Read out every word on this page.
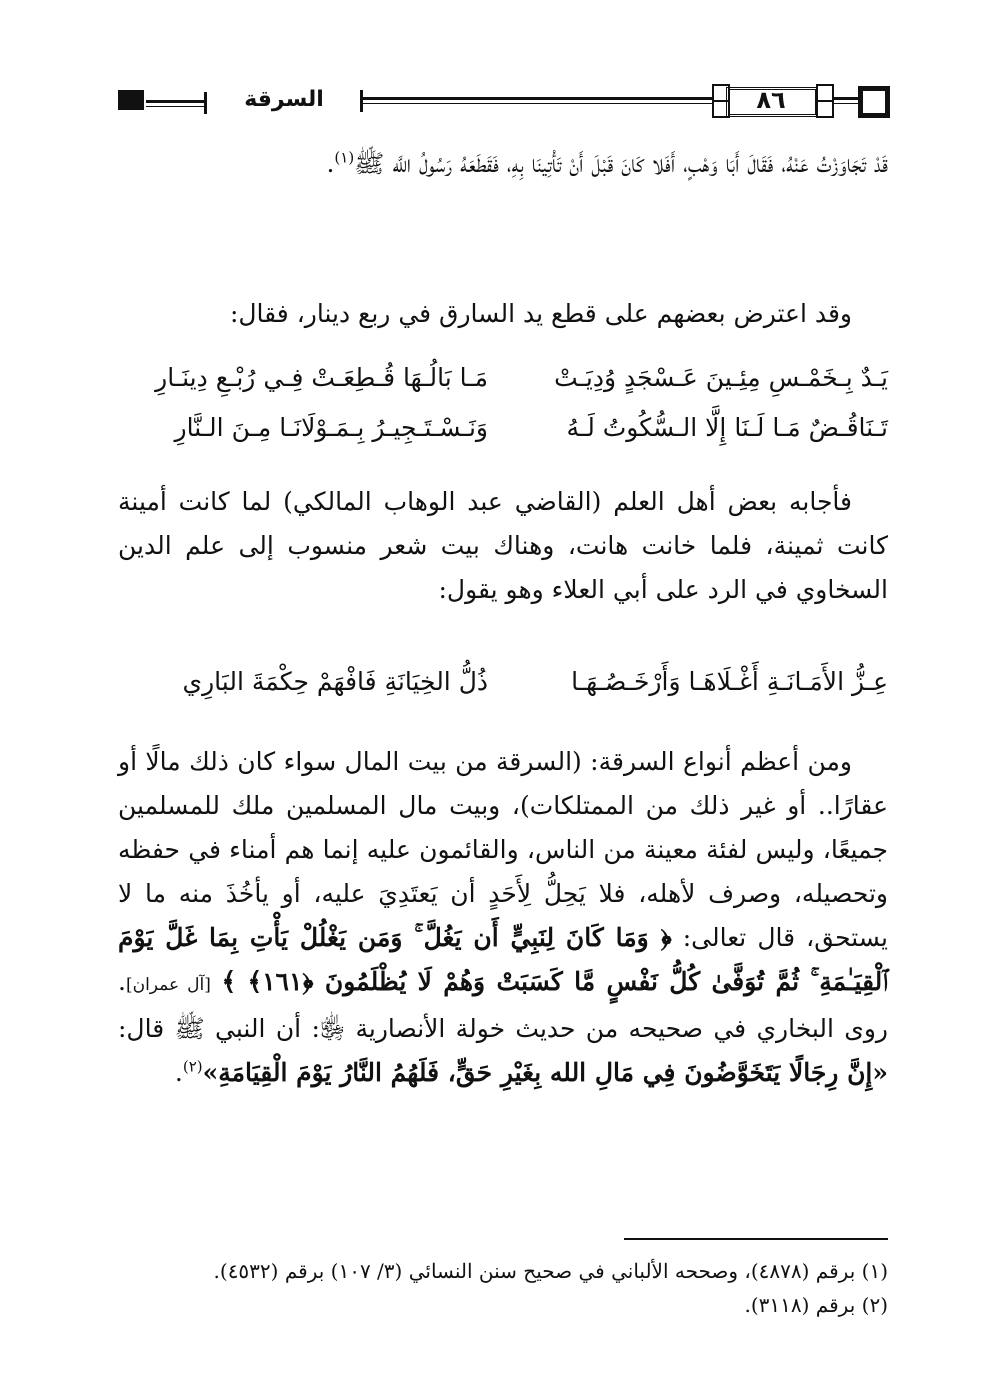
٨٦
السرقة
قَدْ تَجَاوَزْتُ عَنْهُ، فَقَالَ أَبَا وَهْبٍ، أَفَلا كَانَ قَبْلَ أَنْ تَأْتِينَا بِهِ، فَقَطَعَهُ رَسُولُ اللَّه ﷺ$^{(١)}$.
وقد اعترض بعضهم على قطع يد السارق في ربع دينار، فقال:
يَـدٌ بِـخَمْـسِ مِئِـينَ عَـسْجَدٍ وُدِيَـتْ
مَـا بَالُـهَا قُـطِعَـتْ فِـي رُبْـعِ دِينَـارِ
تَـنَاقُـضٌ مَـا لَـنَا إِلَّا الـسُّكُوتُ لَـهُ
وَنَـسْـتَـجِيـرُ بِـمَـوْلَانَـا مِـنَ الـنَّارِ
فأجابه بعض أهل العلم (القاضي عبد الوهاب المالكي) لما كانت أمينة كانت ثمينة، فلما خانت هانت، وهناك بيت شعر منسوب إلى علم الدين السخاوي في الرد على أبي العلاء وهو يقول:
عِـزُّ الأَمَـانَـةِ أَغْـلَاهَـا وَأَرْخَـصُـهَـا
ذُلُّ الخِيَانَةِ فَافْهَمْ حِكْمَةَ البَارِي
ومن أعظم أنواع السرقة: (السرقة من بيت المال سواء كان ذلك مالًا أو عقارًا.. أو غير ذلك من الممتلكات)، وبيت مال المسلمين ملك للمسلمين جميعًا، وليس لفئة معينة من الناس، والقائمون عليه إنما هم أمناء في حفظه وتحصيله، وصرف لأهله، فلا يَحِلُّ لِأَحَدٍ أن يَعتَدِيَ عليه، أو يأخُذَ منه ما لا يستحق، قال تعالى: ﴿ وَمَا كَانَ لِنَبِيٍّ أَن يَغُلَّ ۚ وَمَن يَغْلُلْ يَأْتِ بِمَا غَلَّ يَوْمَ ٱلْقِيَـٰمَةِ ۚ ثُمَّ تُوَفَّىٰ كُلُّ نَفْسٍ مَّا كَسَبَتْ وَهُمْ لَا يُظْلَمُونَ ﴿١٦١﴾ ﴾ [آل عمران]. روى البخاري في صحيحه من حديث خولة الأنصارية ﵂: أن النبي ﷺ قال: «إِنَّ رِجَالًا يَتَخَوَّضُونَ فِي مَالِ الله بِغَيْرِ حَقٍّ، فَلَهُمُ النَّارُ يَوْمَ الْقِيَامَةِ»$^{(٢)}$.
(١) برقم (٤٨٧٨)، وصححه الألباني في صحيح سنن النسائي (٣/ ١٠٧) برقم (٤٥٣٢).
(٢) برقم (٣١١٨).
